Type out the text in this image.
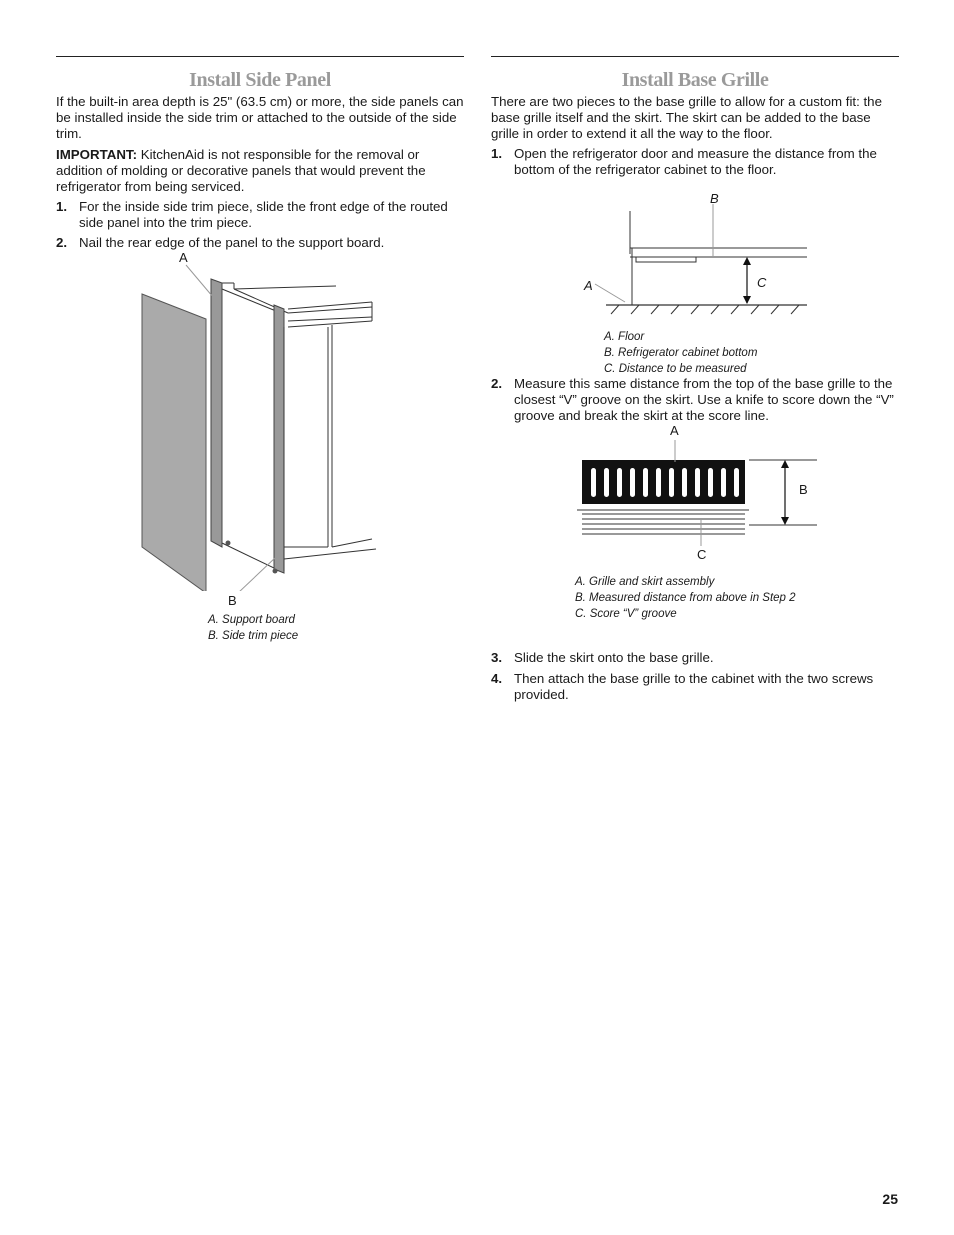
Install Side Panel

If the built-in area depth is 25" (63.5 cm) or more, the side panels can be installed inside the side trim or attached to the outside of the side trim.

IMPORTANT: KitchenAid is not responsible for the removal or addition of molding or decorative panels that would prevent the refrigerator from being serviced.

1. For the inside side trim piece, slide the front edge of the routed side panel into the trim piece.
2. Nail the rear edge of the panel to the support board.
A
B
A. Support board
B. Side trim piece
Install Base Grille

There are two pieces to the base grille to allow for a custom fit: the base grille itself and the skirt. The skirt can be added to the base grille in order to extend it all the way to the floor.

1. Open the refrigerator door and measure the distance from the bottom of the refrigerator cabinet to the floor.
A
B
C
A. Floor
B. Refrigerator cabinet bottom
C. Distance to be measured
2. Measure this same distance from the top of the base grille to the closest “V” groove on the skirt. Use a knife to score down the “V” groove and break the skirt at the score line.
A
B
C
A. Grille and skirt assembly
B. Measured distance from above in Step 2
C. Score “V” groove
3. Slide the skirt onto the base grille.
4. Then attach the base grille to the cabinet with the two screws provided.
25
